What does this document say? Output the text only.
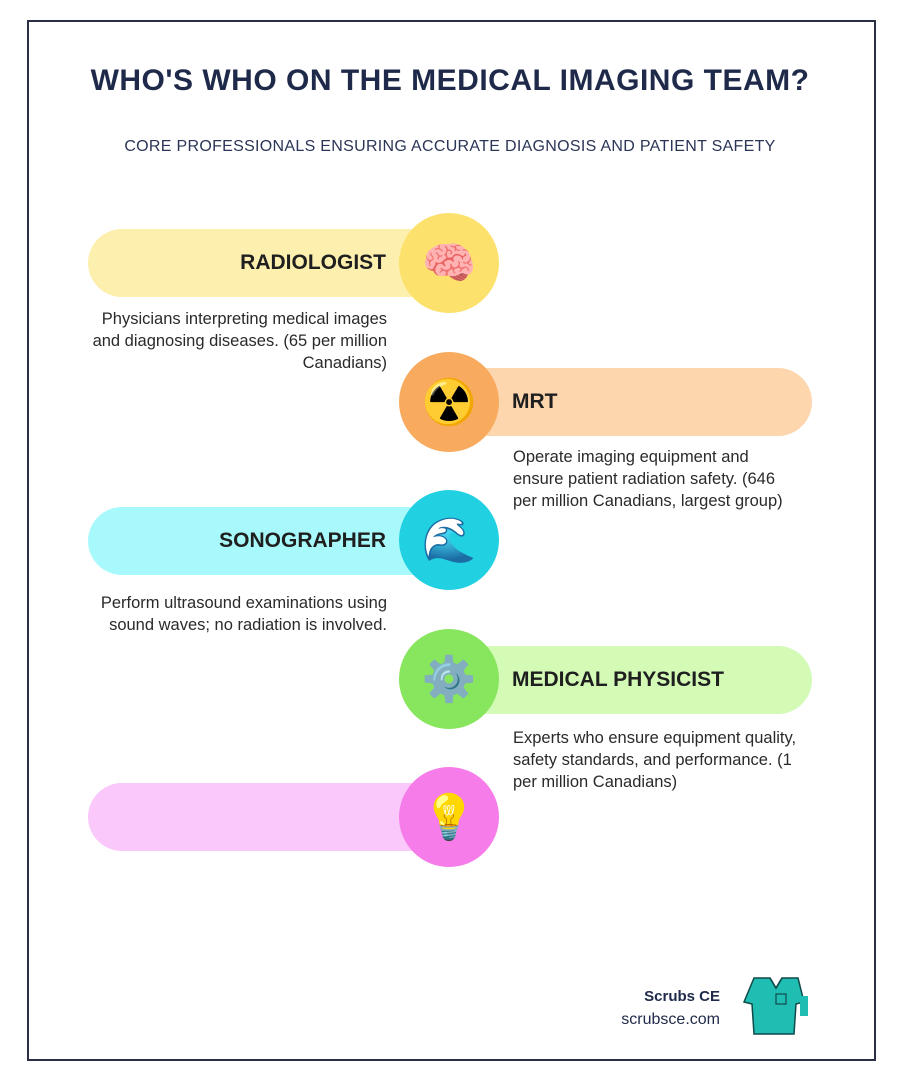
WHO'S WHO ON THE MEDICAL IMAGING TEAM?
CORE PROFESSIONALS ENSURING ACCURATE DIAGNOSIS AND PATIENT SAFETY
RADIOLOGIST 🧠
Physicians interpreting medical images and diagnosing diseases. (65 per million Canadians)
MRT
☢️
Operate imaging equipment and ensure patient radiation safety. (646 per million Canadians, largest group)
SONOGRAPHER 🌊
Perform ultrasound examinations using sound waves; no radiation is involved.
MEDICAL PHYSICIST
⚙️
Experts who ensure equipment quality, safety standards, and performance. (1 per million Canadians)
💡
Scrubs CE
scrubsce.com
